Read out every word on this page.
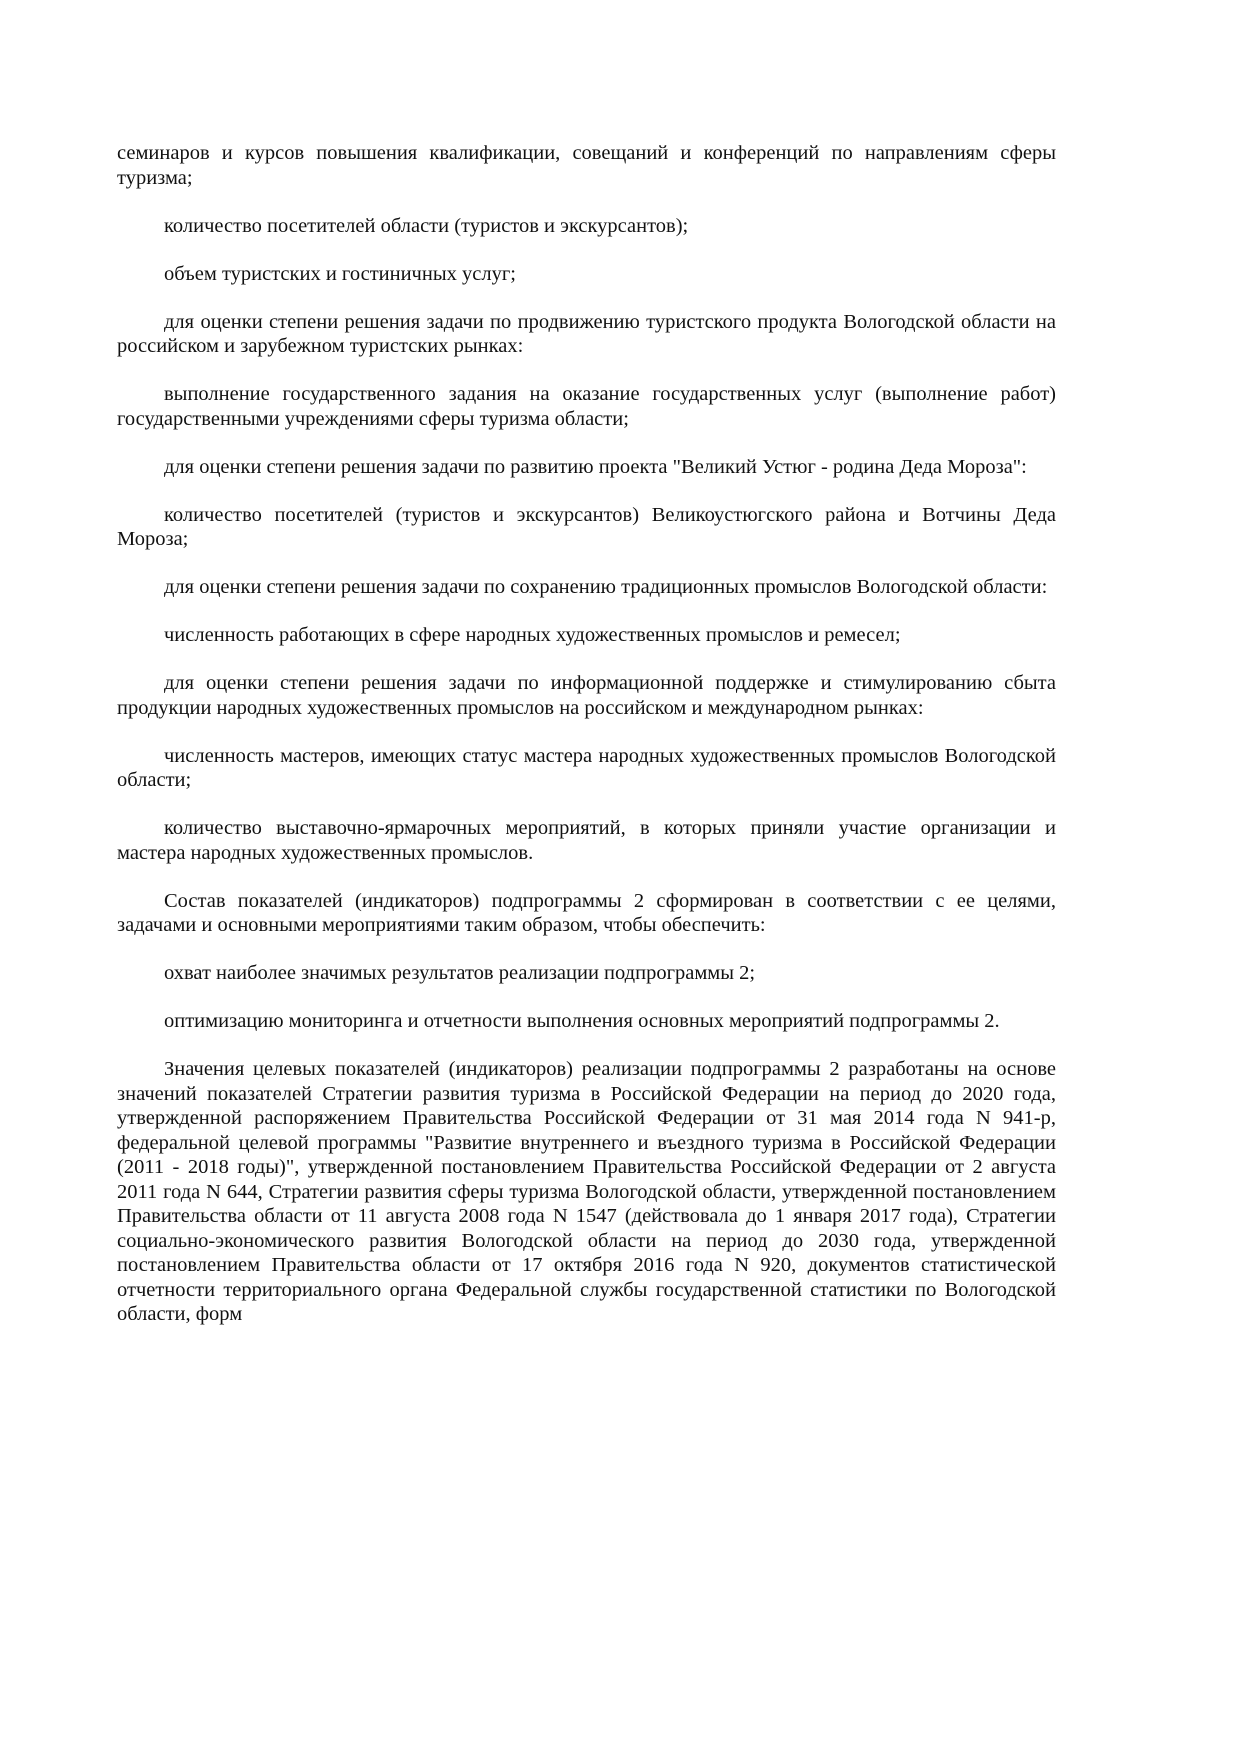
семинаров и курсов повышения квалификации, совещаний и конференций по направлениям сферы туризма;

количество посетителей области (туристов и экскурсантов);

объем туристских и гостиничных услуг;

для оценки степени решения задачи по продвижению туристского продукта Вологодской области на российском и зарубежном туристских рынках:

выполнение государственного задания на оказание государственных услуг (выполнение работ) государственными учреждениями сферы туризма области;

для оценки степени решения задачи по развитию проекта "Великий Устюг - родина Деда Мороза":

количество посетителей (туристов и экскурсантов) Великоустюгского района и Вотчины Деда Мороза;

для оценки степени решения задачи по сохранению традиционных промыслов Вологодской области:

численность работающих в сфере народных художественных промыслов и ремесел;

для оценки степени решения задачи по информационной поддержке и стимулированию сбыта продукции народных художественных промыслов на российском и международном рынках:

численность мастеров, имеющих статус мастера народных художественных промыслов Вологодской области;

количество выставочно-ярмарочных мероприятий, в которых приняли участие организации и мастера народных художественных промыслов.

Состав показателей (индикаторов) подпрограммы 2 сформирован в соответствии с ее целями, задачами и основными мероприятиями таким образом, чтобы обеспечить:

охват наиболее значимых результатов реализации подпрограммы 2;

оптимизацию мониторинга и отчетности выполнения основных мероприятий подпрограммы 2.

Значения целевых показателей (индикаторов) реализации подпрограммы 2 разработаны на основе значений показателей Стратегии развития туризма в Российской Федерации на период до 2020 года, утвержденной распоряжением Правительства Российской Федерации от 31 мая 2014 года N 941-р, федеральной целевой программы "Развитие внутреннего и въездного туризма в Российской Федерации (2011 - 2018 годы)", утвержденной постановлением Правительства Российской Федерации от 2 августа 2011 года N 644, Стратегии развития сферы туризма Вологодской области, утвержденной постановлением Правительства области от 11 августа 2008 года N 1547 (действовала до 1 января 2017 года), Стратегии социально-экономического развития Вологодской области на период до 2030 года, утвержденной постановлением Правительства области от 17 октября 2016 года N 920, документов статистической отчетности территориального органа Федеральной службы государственной статистики по Вологодской области, форм
